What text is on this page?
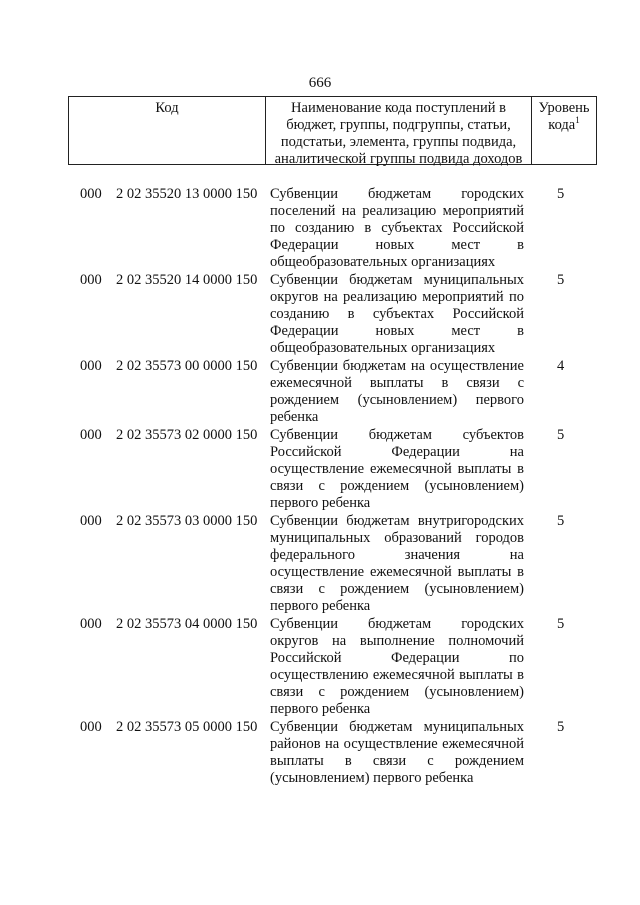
666
Код	Наименование кода поступлений в
бюджет, группы, подгруппы, статьи,
подстатьи, элемента, группы подвида,
аналитической группы подвида доходов
Уровень
кода$^1$
000 2 02 35520 13 0000 150 Субвенции бюджетам городских
поселений на реализацию мероприятий
по созданию в субъектах Российской
Федерации новых мест в
общеобразовательных организациях
5
000 2 02 35520 14 0000 150 Субвенции бюджетам муниципальных
округов на реализацию мероприятий по
созданию в субъектах Российской
Федерации новых мест в
общеобразовательных организациях
5
000 2 02 35573 00 0000 150 Субвенции бюджетам на осуществление
ежемесячной выплаты в связи с
рождением (усыновлением) первого
ребенка
4
000 2 02 35573 02 0000 150 Субвенции бюджетам субъектов
Российской Федерации на
осуществление ежемесячной выплаты в
связи с рождением (усыновлением)
первого ребенка
5
000 2 02 35573 03 0000 150 Субвенции бюджетам внутригородских
муниципальных образований городов
федерального значения на
осуществление ежемесячной выплаты в
связи с рождением (усыновлением)
первого ребенка
5
000 2 02 35573 04 0000 150 Субвенции бюджетам городских
округов на выполнение полномочий
Российской Федерации по
осуществлению ежемесячной выплаты в
связи с рождением (усыновлением)
первого ребенка
5
000 2 02 35573 05 0000 150 Субвенции бюджетам муниципальных
районов на осуществление ежемесячной
выплаты в связи с рождением
(усыновлением) первого ребенка
5
